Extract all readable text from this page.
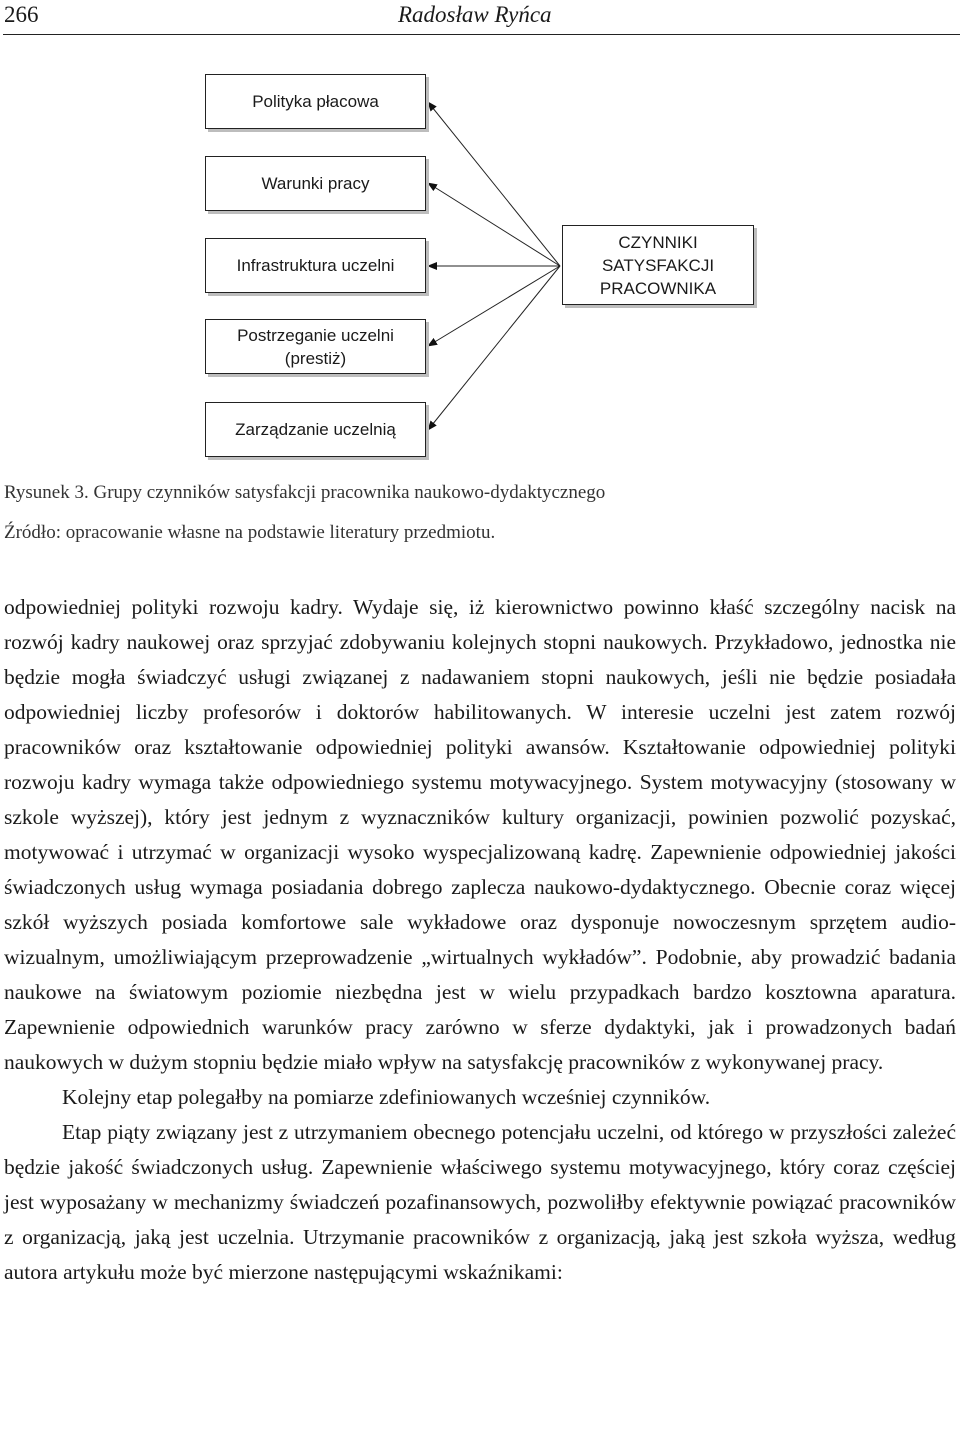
266	Radosław Ryńca
Polityka płacowa
Warunki pracy
Infrastruktura uczelni
Postrzeganie uczelni
(prestiż)
Zarządzanie uczelnią
CZYNNIKI
SATYSFAKCJI
PRACOWNIKA
Rysunek 3. Grupy czynników satysfakcji pracownika naukowo-dydaktycznego
Źródło: opracowanie własne na podstawie literatury przedmiotu.

odpowiedniej polityki rozwoju kadry. Wydaje się, iż kierownictwo powinno kłaść szczególny nacisk na rozwój kadry naukowej oraz sprzyjać zdobywaniu kolejnych stopni naukowych. Przykładowo, jednostka nie będzie mogła świadczyć usługi związanej z nadawaniem stopni naukowych, jeśli nie będzie posiadała odpowiedniej liczby profesorów i doktorów habilitowanych. W interesie uczelni jest zatem rozwój pracowników oraz kształtowanie odpowiedniej polityki awansów. Kształtowanie odpowiedniej polityki rozwoju kadry wymaga także odpowiedniego systemu motywacyjnego. System motywacyjny (stosowany w szkole wyższej), który jest jednym z wyznaczników kultury organizacji, powinien pozwolić pozyskać, motywować i utrzymać w organizacji wysoko wyspecjalizowaną kadrę. Zapewnienie odpowiedniej jakości świadczonych usług wymaga posiadania dobrego zaplecza naukowo-dydaktycznego. Obecnie coraz więcej szkół wyższych posiada komfortowe sale wykładowe oraz dysponuje nowoczesnym sprzętem audio-wizualnym, umożliwiającym przeprowadzenie „wirtualnych wykładów”. Podobnie, aby prowadzić badania naukowe na światowym poziomie niezbędna jest w wielu przypadkach bardzo kosztowna aparatura. Zapewnienie odpowiednich warunków pracy zarówno w sferze dydaktyki, jak i prowadzonych badań naukowych w dużym stopniu będzie miało wpływ na satysfakcję pracowników z wykonywanej pracy.

Kolejny etap polegałby na pomiarze zdefiniowanych wcześniej czynników.

Etap piąty związany jest z utrzymaniem obecnego potencjału uczelni, od którego w przyszłości zależeć będzie jakość świadczonych usług. Zapewnienie właściwego systemu motywacyjnego, który coraz częściej jest wyposażany w mechanizmy świadczeń pozafinansowych, pozwoliłby efektywnie powiązać pracowników z organizacją, jaką jest uczelnia. Utrzymanie pracowników z organizacją, jaką jest szkoła wyższa, według autora artykułu może być mierzone następującymi wskaźnikami:
